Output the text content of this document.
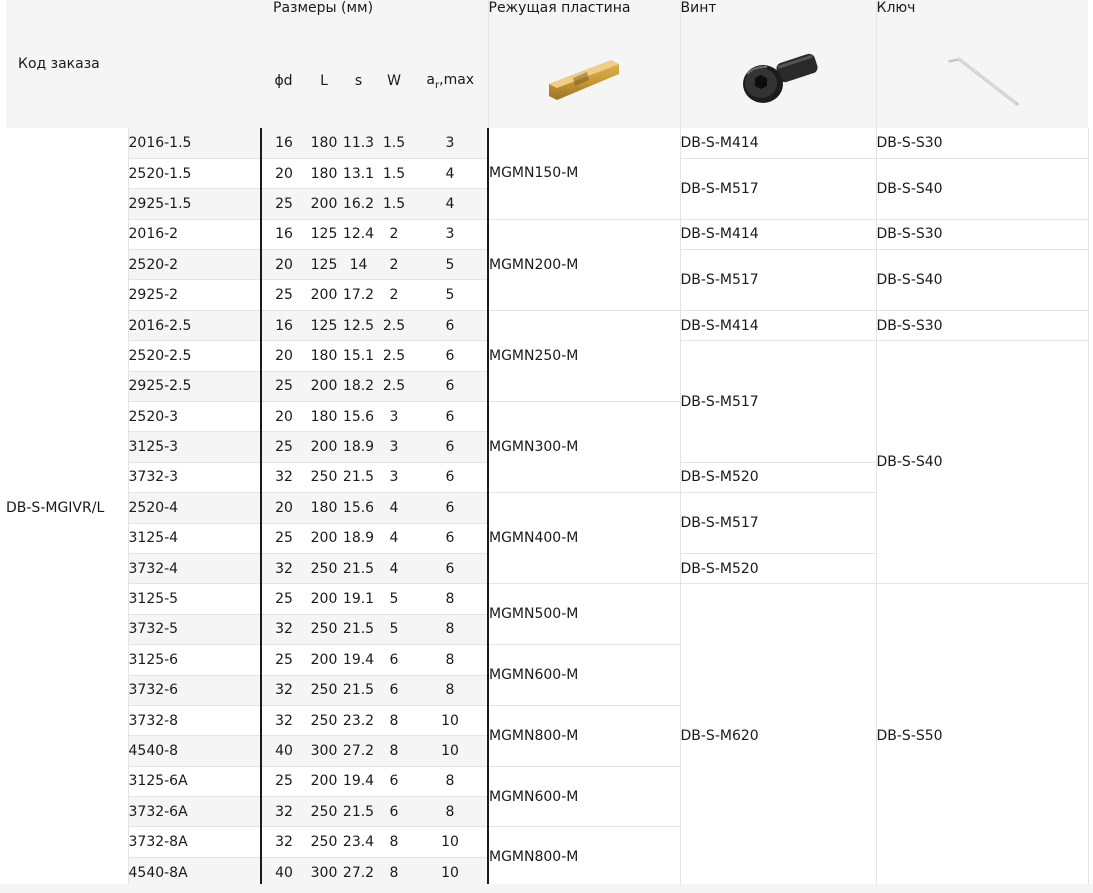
Код заказа		Размеры (мм)					Режущая пластина	Винт	Ключ
		ϕd	L	s	W	$a_r,\max$			
DB-S-MGIVR/L	2016-1.5	16	180	11.3	1.5	3	MGMN150-M	DB-S-M414	DB-S-S30
	2520-1.5	20	180	13.1	1.5	4		DB-S-M517	DB-S-S40
	2925-1.5	25	200	16.2	1.5	4			
	2016-2	16	125	12.4	2	3	MGMN200-M	DB-S-M414	DB-S-S30
	2520-2	20	125	14	2	5		DB-S-M517	DB-S-S40
	2925-2	25	200	17.2	2	5			
	2016-2.5	16	125	12.5	2.5	6	MGMN250-M	DB-S-M414	DB-S-S30
	2520-2.5	20	180	15.1	2.5	6		DB-S-M517	DB-S-S40
	2925-2.5	25	200	18.2	2.5	6			
	2520-3	20	180	15.6	3	6	MGMN300-M		
	3125-3	25	200	18.9	3	6			
	3732-3	32	250	21.5	3	6		DB-S-M520	
	2520-4	20	180	15.6	4	6	MGMN400-M	DB-S-M517	
	3125-4	25	200	18.9	4	6			
	3732-4	32	250	21.5	4	6		DB-S-M520	
	3125-5	25	200	19.1	5	8	MGMN500-M	DB-S-M620	DB-S-S50
	3732-5	32	250	21.5	5	8			
	3125-6	25	200	19.4	6	8	MGMN600-M		
	3732-6	32	250	21.5	6	8			
	3732-8	32	250	23.2	8	10	MGMN800-M		
	4540-8	40	300	27.2	8	10			
	3125-6A	25	200	19.4	6	8	MGMN600-M		
	3732-6A	32	250	21.5	6	8			
	3732-8A	32	250	23.4	8	10	MGMN800-M		
	4540-8A	40	300	27.2	8	10			
